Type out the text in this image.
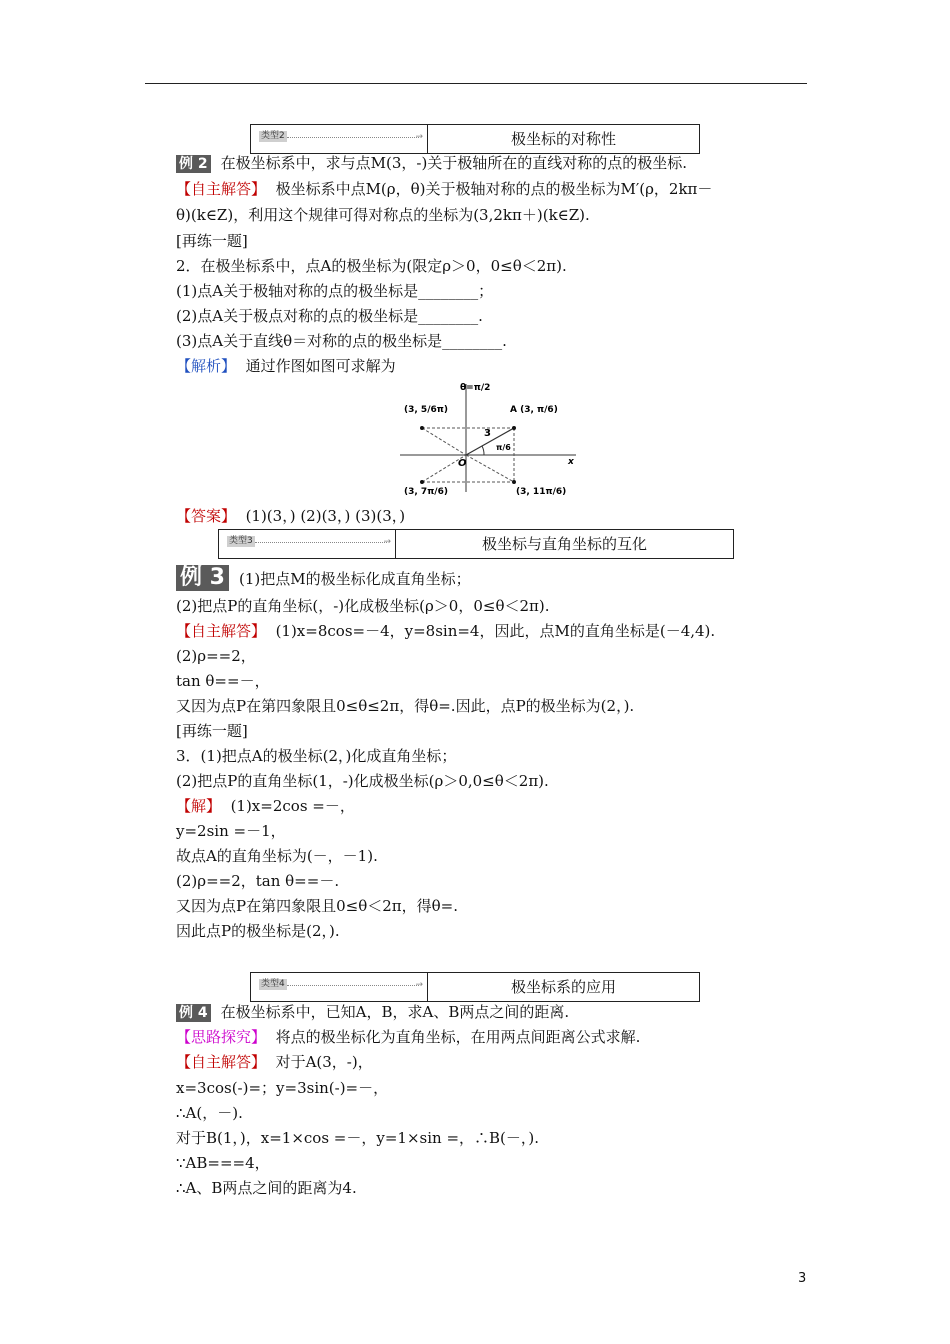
类型2	→	极坐标的对称性
例 2 在极坐标系中，求与点M(3，-)关于极轴所在的直线对称的点的极坐标.
【自主解答】 极坐标系中点M(ρ，θ)关于极轴对称的点的极坐标为M′(ρ，2kπ－
θ)(k∈Z)，利用这个规律可得对称点的坐标为(3,2kπ＋)(k∈Z).
[再练一题]
2．在极坐标系中，点A的极坐标为(限定ρ＞0，0≤θ＜2π).
(1)点A关于极轴对称的点的极坐标是________；
(2)点A关于极点对称的点的极坐标是________.
(3)点A关于直线θ＝对称的点的极坐标是________.
【解析】 通过作图如图可求解为
θ=π/2
(3, 5/6π)	A (3, π/6)
3
π/6
O	x
(3, 7π/6)	(3, 11π/6)
【答案】 (1)(3，) (2)(3，) (3)(3，)
类型3	→	极坐标与直角坐标的互化
例 3 (1)把点M的极坐标化成直角坐标；
(2)把点P的直角坐标(，-)化成极坐标(ρ＞0，0≤θ＜2π).
【自主解答】 (1)x=8cos=－4，y=8sin=4，因此，点M的直角坐标是(－4,4).
(2)ρ==2，
tan θ==－，
又因为点P在第四象限且0≤θ≤2π，得θ=.因此，点P的极坐标为(2，).
[再练一题]
3．(1)把点A的极坐标(2，)化成直角坐标；
(2)把点P的直角坐标(1，-)化成极坐标(ρ＞0,0≤θ＜2π).
【解】 (1)x=2cos =－，
y=2sin =－1，
故点A的直角坐标为(－，－1).
(2)ρ==2，tan θ==－.
又因为点P在第四象限且0≤θ＜2π，得θ=.
因此点P的极坐标是(2，).
类型4	→	极坐标系的应用
例 4 在极坐标系中，已知A，B，求A、B两点之间的距离.
【思路探究】 将点的极坐标化为直角坐标，在用两点间距离公式求解.
【自主解答】 对于A(3，-)，
x=3cos(-)=；y=3sin(-)=－，
∴A(，－).
对于B(1，)，x=1×cos =－，y=1×sin =，∴B(－，).
∵AB===4，
∴A、B两点之间的距离为4.
3
